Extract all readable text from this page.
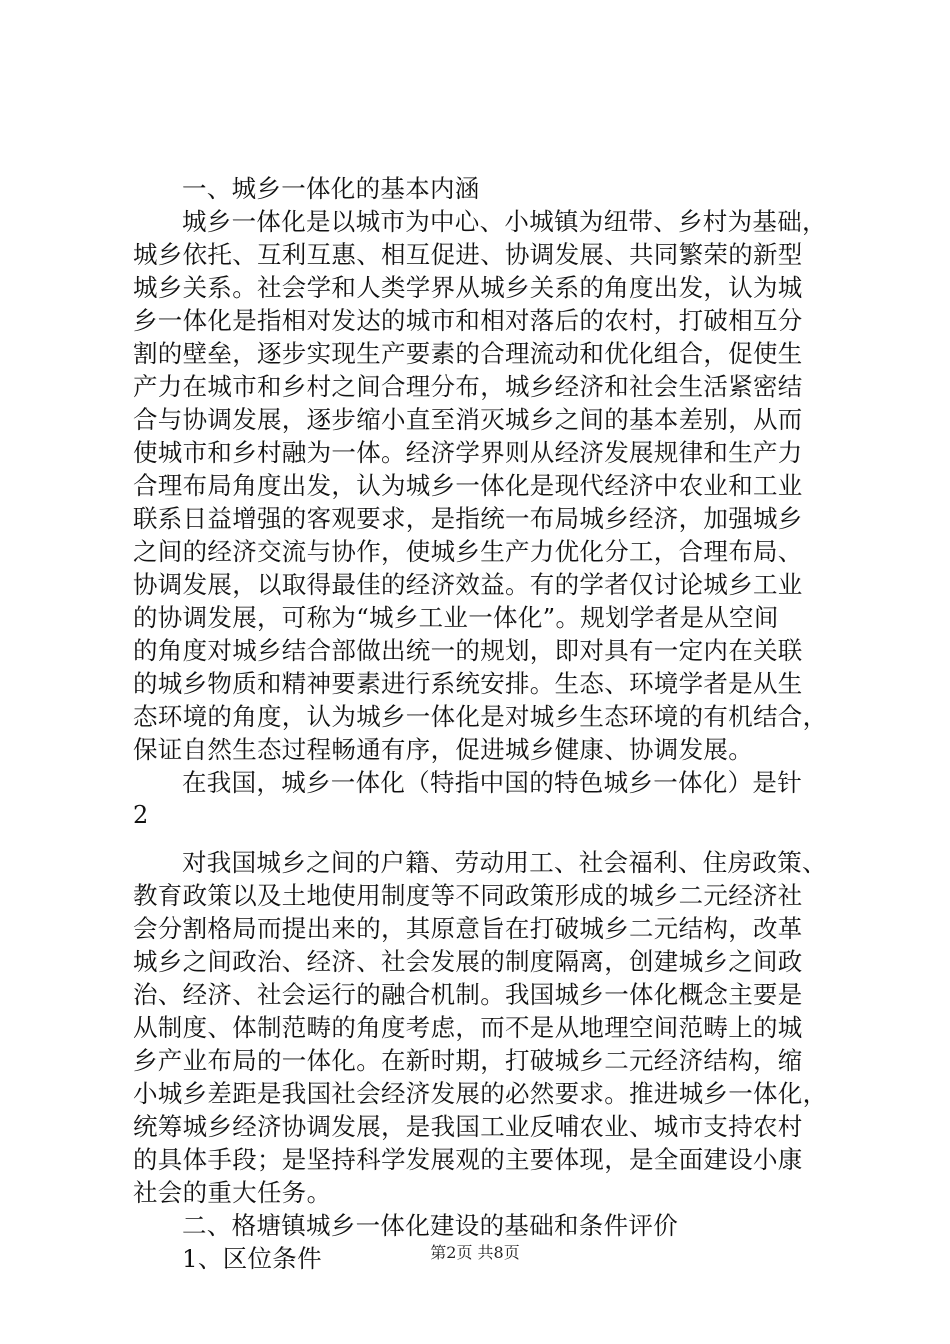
一、城乡一体化的基本内涵
城乡一体化是以城市为中心、小城镇为纽带、乡村为基础，
城乡依托、互利互惠、相互促进、协调发展、共同繁荣的新型
城乡关系。社会学和人类学界从城乡关系的角度出发，认为城
乡一体化是指相对发达的城市和相对落后的农村，打破相互分
割的壁垒，逐步实现生产要素的合理流动和优化组合，促使生
产力在城市和乡村之间合理分布，城乡经济和社会生活紧密结
合与协调发展，逐步缩小直至消灭城乡之间的基本差别，从而
使城市和乡村融为一体。经济学界则从经济发展规律和生产力
合理布局角度出发，认为城乡一体化是现代经济中农业和工业
联系日益增强的客观要求，是指统一布局城乡经济，加强城乡
之间的经济交流与协作，使城乡生产力优化分工，合理布局、
协调发展，以取得最佳的经济效益。有的学者仅讨论城乡工业
的协调发展，可称为“城乡工业一体化”。规划学者是从空间
的角度对城乡结合部做出统一的规划，即对具有一定内在关联
的城乡物质和精神要素进行系统安排。生态、环境学者是从生
态环境的角度，认为城乡一体化是对城乡生态环境的有机结合，
保证自然生态过程畅通有序，促进城乡健康、协调发展。
在我国，城乡一体化（特指中国的特色城乡一体化）是针
2
对我国城乡之间的户籍、劳动用工、社会福利、住房政策、
教育政策以及土地使用制度等不同政策形成的城乡二元经济社
会分割格局而提出来的，其原意旨在打破城乡二元结构，改革
城乡之间政治、经济、社会发展的制度隔离，创建城乡之间政
治、经济、社会运行的融合机制。我国城乡一体化概念主要是
从制度、体制范畴的角度考虑，而不是从地理空间范畴上的城
乡产业布局的一体化。在新时期，打破城乡二元经济结构，缩
小城乡差距是我国社会经济发展的必然要求。推进城乡一体化，
统筹城乡经济协调发展，是我国工业反哺农业、城市支持农村
的具体手段；是坚持科学发展观的主要体现，是全面建设小康
社会的重大任务。
二、格塘镇城乡一体化建设的基础和条件评价
1、区位条件	第2页 共8页
